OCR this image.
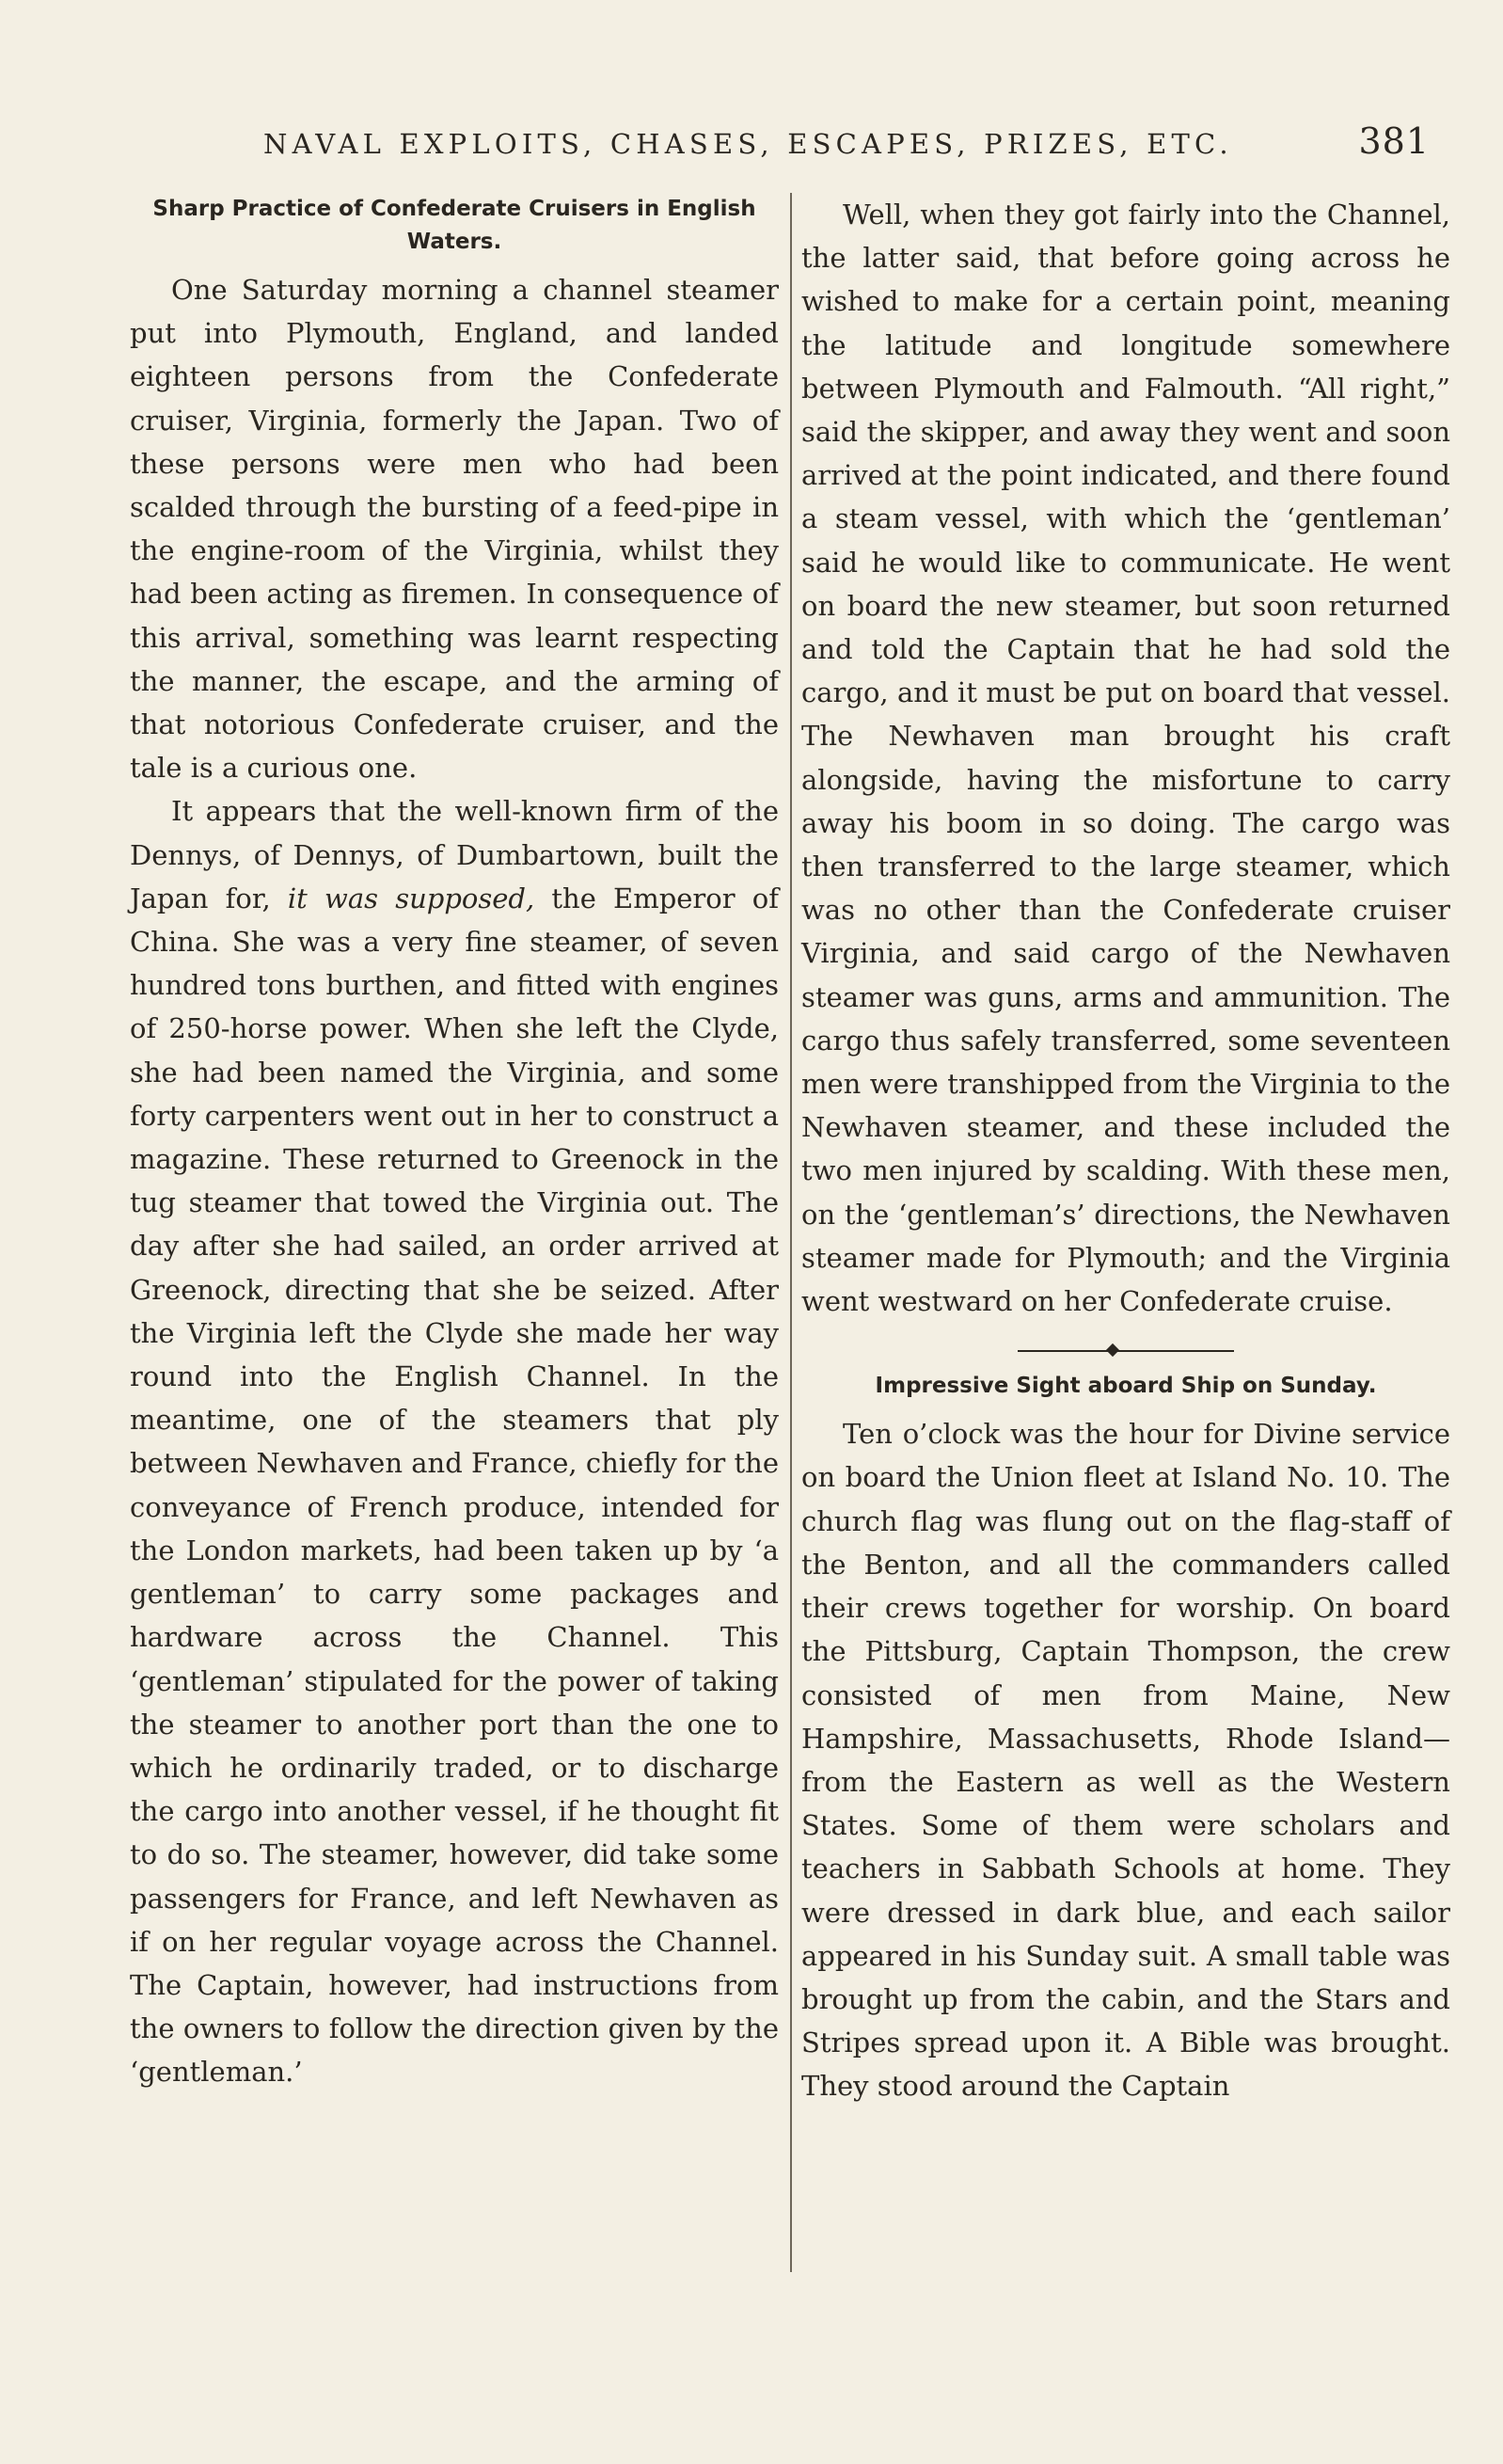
NAVAL EXPLOITS, CHASES, ESCAPES, PRIZES, ETC.	381
Sharp Practice of Confederate Cruisers in English Waters.

One Saturday morning a channel steamer put into Plymouth, England, and landed eighteen persons from the Confederate cruiser, Virginia, formerly the Japan. Two of these persons were men who had been scalded through the bursting of a feed-pipe in the engine-room of the Virginia, whilst they had been acting as firemen. In consequence of this arrival, something was learnt respecting the manner, the escape, and the arming of that notorious Confederate cruiser, and the tale is a curious one.

It appears that the well-known firm of the Dennys, of Dennys, of Dumbartown, built the Japan for, it was supposed, the Emperor of China. She was a very fine steamer, of seven hundred tons burthen, and fitted with engines of 250-horse power. When she left the Clyde, she had been named the Virginia, and some forty carpenters went out in her to construct a magazine. These returned to Greenock in the tug steamer that towed the Virginia out. The day after she had sailed, an order arrived at Greenock, directing that she be seized. After the Virginia left the Clyde she made her way round into the English Channel. In the meantime, one of the steamers that ply between Newhaven and France, chiefly for the conveyance of French produce, intended for the London markets, had been taken up by ‘a gentleman’ to carry some packages and hardware across the Channel. This ‘gentleman’ stipulated for the power of taking the steamer to another port than the one to which he ordinarily traded, or to discharge the cargo into another vessel, if he thought fit to do so. The steamer, however, did take some passengers for France, and left Newhaven as if on her regular voyage across the Channel. The Captain, however, had instructions from the owners to follow the direction given by the ‘gentleman.’

Well, when they got fairly into the Channel, the latter said, that before going across he wished to make for a certain point, meaning the latitude and longitude somewhere between Plymouth and Falmouth. “All right,” said the skipper, and away they went and soon arrived at the point indicated, and there found a steam vessel, with which the ‘gentleman’ said he would like to communicate. He went on board the new steamer, but soon returned and told the Captain that he had sold the cargo, and it must be put on board that vessel. The Newhaven man brought his craft alongside, having the misfortune to carry away his boom in so doing. The cargo was then transferred to the large steamer, which was no other than the Confederate cruiser Virginia, and said cargo of the Newhaven steamer was guns, arms and ammunition. The cargo thus safely transferred, some seventeen men were transhipped from the Virginia to the Newhaven steamer, and these included the two men injured by scalding. With these men, on the ‘gentleman’s’ directions, the Newhaven steamer made for Plymouth; and the Virginia went westward on her Confederate cruise.

Impressive Sight aboard Ship on Sunday.

Ten o’clock was the hour for Divine service on board the Union fleet at Island No. 10. The church flag was flung out on the flag-staff of the Benton, and all the commanders called their crews together for worship. On board the Pittsburg, Captain Thompson, the crew consisted of men from Maine, New Hampshire, Massachusetts, Rhode Island—from the Eastern as well as the Western States. Some of them were scholars and teachers in Sabbath Schools at home. They were dressed in dark blue, and each sailor appeared in his Sunday suit. A small table was brought up from the cabin, and the Stars and Stripes spread upon it. A Bible was brought. They stood around the Captain
